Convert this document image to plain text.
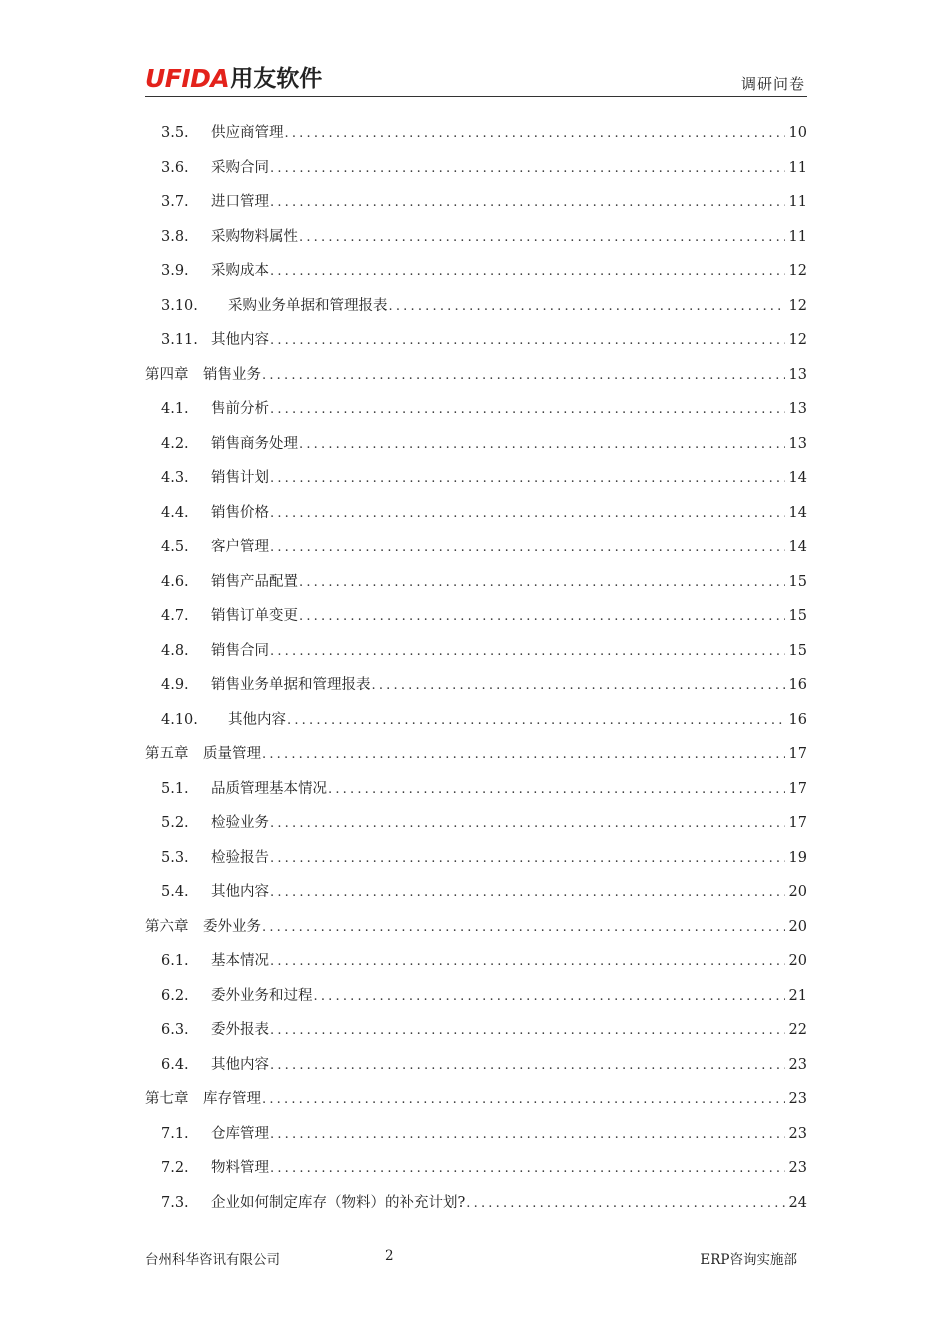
UFIDA 用友软件	调研问卷
3.5.	供应商管理 .....	10
3.6.	采购合同 .....	11
3.7.	进口管理 .....	11
3.8.	采购物料属性 .....	11
3.9.	采购成本 .....	12
3.10.	采购业务单据和管理报表 .....	12
3.11. 其他内容 .....	12
第四章	销售业务 .....	13
4.1.	售前分析 .....	13
4.2.	销售商务处理 .....	13
4.3.	销售计划 .....	14
4.4.	销售价格 .....	14
4.5.	客户管理 .....	14
4.6.	销售产品配置 .....	15
4.7.	销售订单变更 .....	15
4.8.	销售合同 .....	15
4.9.	销售业务单据和管理报表 .....	16
4.10.	其他内容 .....	16
第五章	质量管理 .....	17
5.1.	品质管理基本情况 .....	17
5.2.	检验业务 .....	17
5.3.	检验报告 .....	19
5.4.	其他内容 .....	20
第六章	委外业务 .....	20
6.1.	基本情况 .....	20
6.2.	委外业务和过程 .....	21
6.3.	委外报表 .....	22
6.4.	其他内容 .....	23
第七章	库存管理 .....	23
7.1.	仓库管理 .....	23
7.2.	物料管理 .....	23
7.3.	企业如何制定库存（物料）的补充计划? .....	24
台州科华咨讯有限公司	2	ERP咨询实施部
